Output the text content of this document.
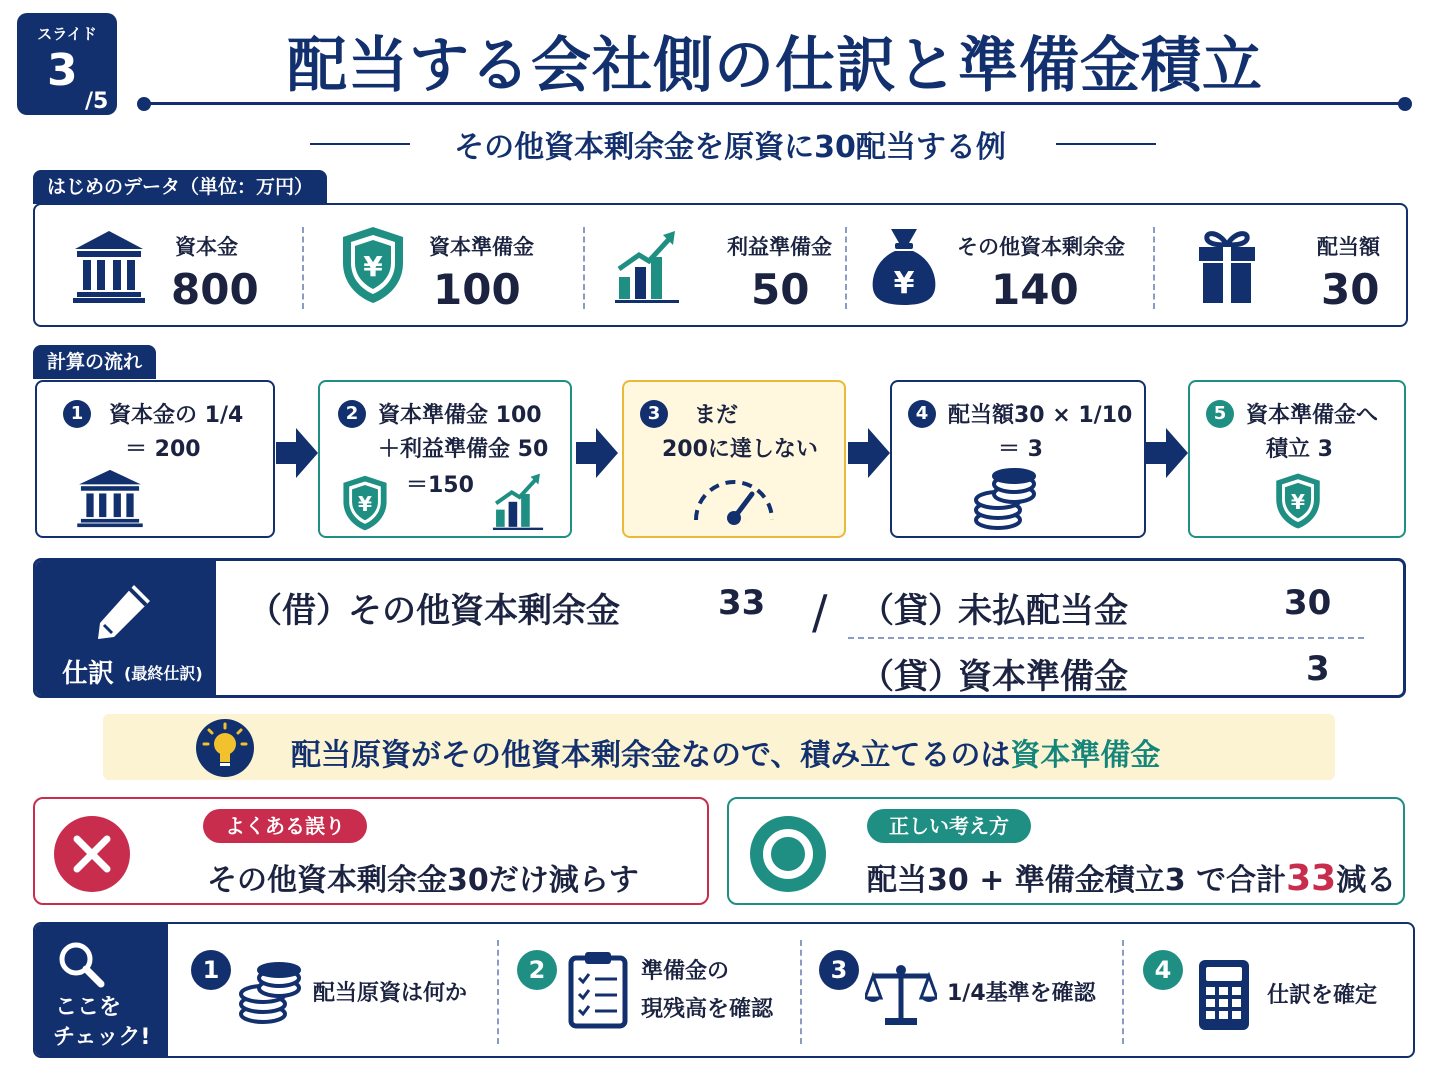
スライド
3
/5
配当する会社側の仕訳と準備金積立
その他資本剰余金を原資に30配当する例
はじめのデータ（単位：万円）
資本金
800	¥
資本準備金
100
利益準備金
50	¥
その他資本剰余金
140
配当額
30
計算の流れ
1	資本金の 1/4
＝ 200
2 資本準備金 100
＋利益準備金 50
＝150
¥
3	まだ
200に達しない
4 配当額30 × 1/10
＝ 3
5 資本準備金へ
積立 3
¥
仕訳 (最終仕訳)
（借）
その他資本剰余金	33 / （貸）
未払配当金	30
（貸）
資本準備金	3
配当原資がその他資本剰余金なので、積み立てるのは資本準備金
よくある誤り
その他資本剰余金30だけ減らす
正しい考え方
配当30 + 準備金積立3 で合計33減る
ここを
チェック!
1
配当原資は何か
2	準備金の
現残高を確認
3
1/4基準を確認
4
仕訳を確定
